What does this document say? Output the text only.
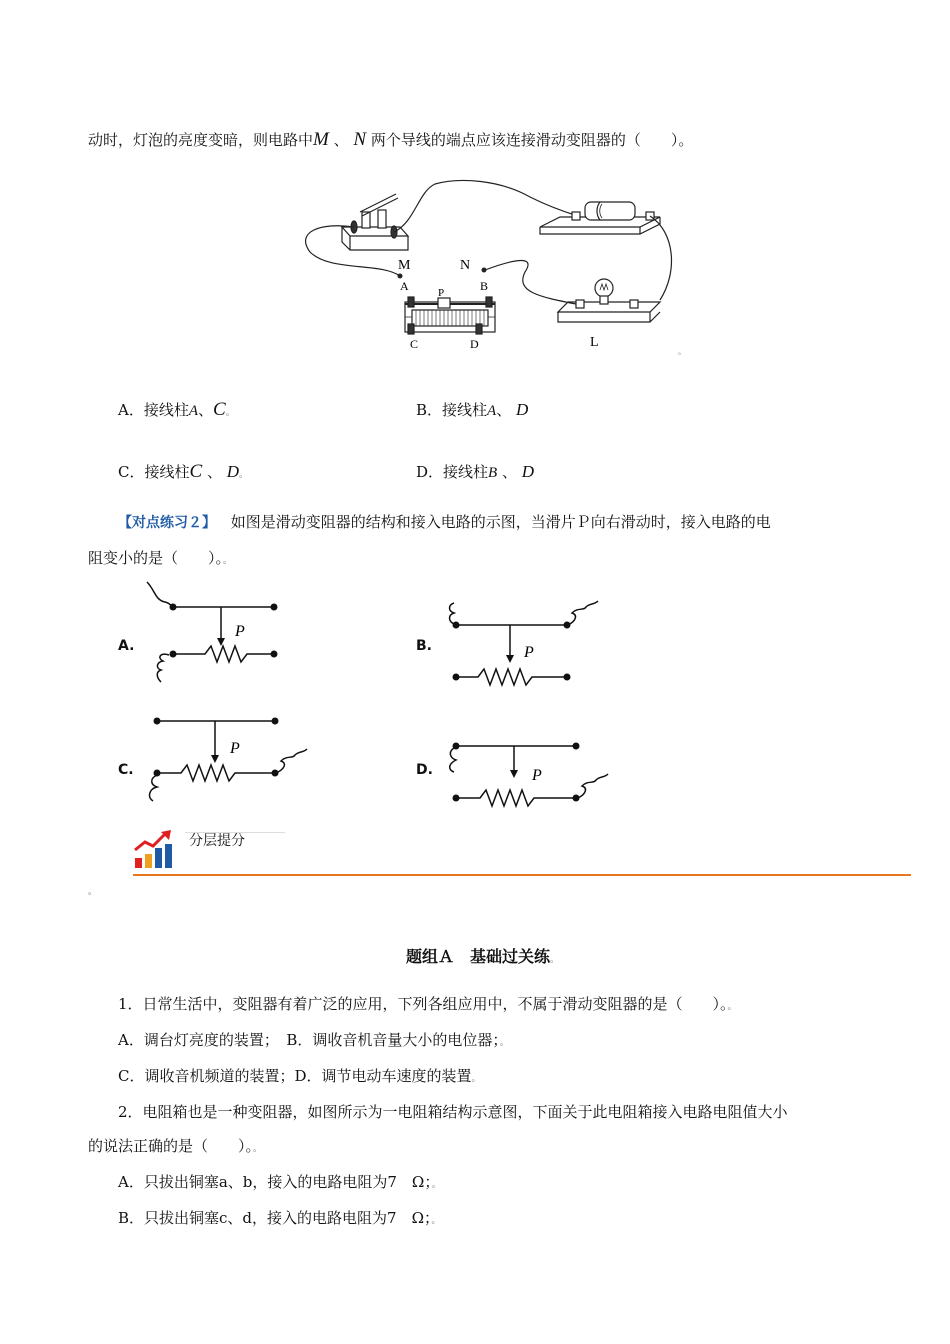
动时，灯泡的亮度变暗，则电路中M 、 N 两个导线的端点应该连接滑动变阻器的（　　）。
M	N
A	B
P
C	D	L
。
A．接线柱A、C。	B．接线柱A、 D
C．接线柱C 、 D。	D．接线柱B 、 D
【对点练习２】 如图是滑动变阻器的结构和接入电路的示图，当滑片Ｐ向右滑动时，接入电路的电
阻变小的是（　　）。。
A.
P
B.	P
C.
P
D.	P
分层提分
。
题组Ａ　基础过关练。
1．日常生活中，变阻器有着广泛的应用，下列各组应用中，不属于滑动变阻器的是（　　）。。
A．调台灯亮度的装置；　B．调收音机音量大小的电位器；。
C．调收音机频道的装置；D．调节电动车速度的装置。
2．电阻箱也是一种变阻器，如图所示为一电阻箱结构示意图，下面关于此电阻箱接入电路电阻值大小
的说法正确的是（　　）。。
A．只拔出铜塞a、b，接入的电路电阻为7　Ω；。
B．只拔出铜塞c、d，接入的电路电阻为7　Ω；。
